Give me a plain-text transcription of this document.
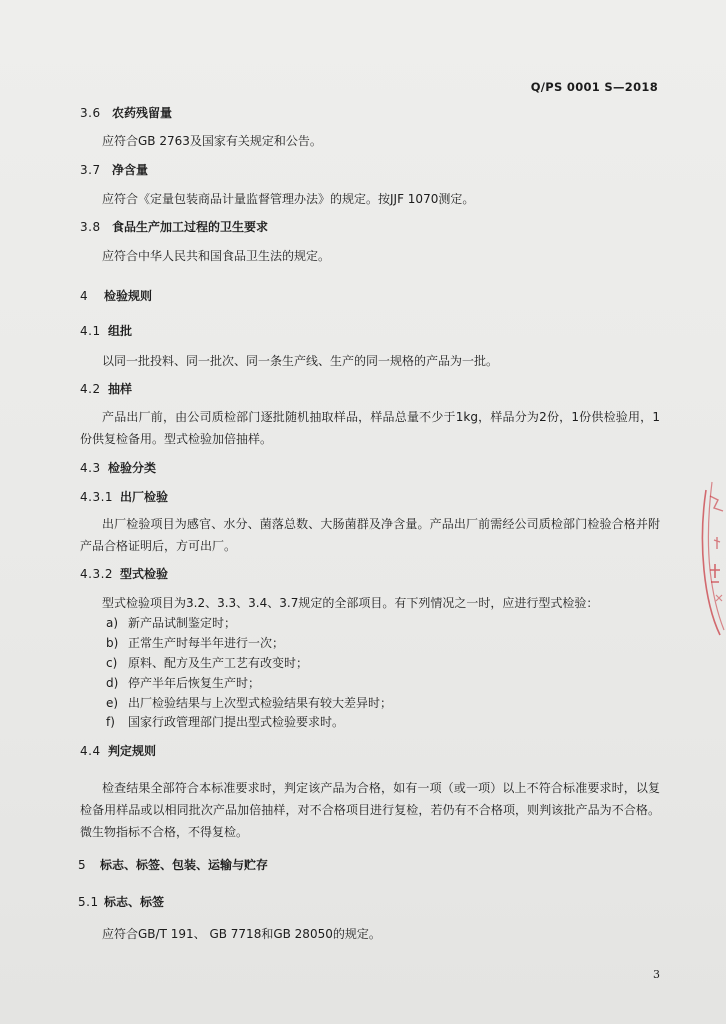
Q/PS 0001 S—2018
3.6 农药残留量
应符合GB 2763及国家有关规定和公告。
3.7 净含量
应符合《定量包装商品计量监督管理办法》的规定。按JJF 1070测定。
3.8 食品生产加工过程的卫生要求
应符合中华人民共和国食品卫生法的规定。
4 检验规则
4.1 组批
以同一批投料、同一批次、同一条生产线、生产的同一规格的产品为一批。
4.2 抽样
产品出厂前，由公司质检部门逐批随机抽取样品，样品总量不少于1kg，样品分为2份，1份供检验用，1份供复检备用。型式检验加倍抽样。
4.3 检验分类
4.3.1 出厂检验
出厂检验项目为感官、水分、菌落总数、大肠菌群及净含量。产品出厂前需经公司质检部门检验合格并附产品合格证明后，方可出厂。
4.3.2 型式检验
型式检验项目为3.2、3.3、3.4、3.7规定的全部项目。有下列情况之一时，应进行型式检验：
a) 新产品试制鉴定时；
b) 正常生产时每半年进行一次；
c) 原料、配方及生产工艺有改变时；
d) 停产半年后恢复生产时；
e) 出厂检验结果与上次型式检验结果有较大差异时；
f) 国家行政管理部门提出型式检验要求时。
4.4 判定规则
检查结果全部符合本标准要求时，判定该产品为合格，如有一项（或一项）以上不符合标准要求时，以复检备用样品或以相同批次产品加倍抽样，对不合格项目进行复检，若仍有不合格项，则判该批产品为不合格。微生物指标不合格，不得复检。
5 标志、标签、包装、运输与贮存
5.1 标志、标签
应符合GB/T 191、 GB 7718和GB 28050的规定。
3
